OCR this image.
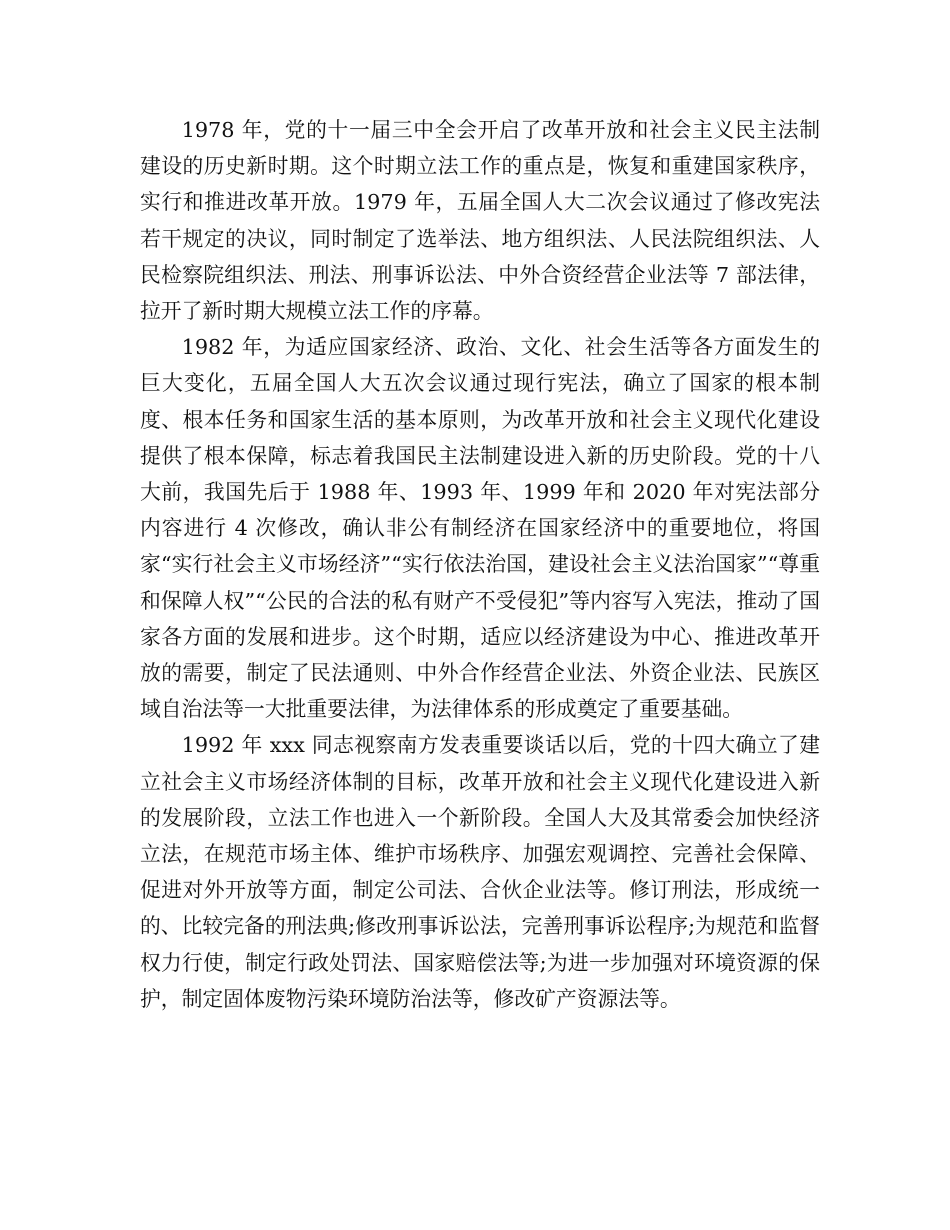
1978 年，党的十一届三中全会开启了改革开放和社会主义民主法制建设的历史新时期。这个时期立法工作的重点是，恢复和重建国家秩序，实行和推进改革开放。1979 年，五届全国人大二次会议通过了修改宪法若干规定的决议，同时制定了选举法、地方组织法、人民法院组织法、人民检察院组织法、刑法、刑事诉讼法、中外合资经营企业法等 7 部法律，拉开了新时期大规模立法工作的序幕。

1982 年，为适应国家经济、政治、文化、社会生活等各方面发生的巨大变化，五届全国人大五次会议通过现行宪法，确立了国家的根本制度、根本任务和国家生活的基本原则，为改革开放和社会主义现代化建设提供了根本保障，标志着我国民主法制建设进入新的历史阶段。党的十八大前，我国先后于 1988 年、1993 年、1999 年和 2020 年对宪法部分内容进行 4 次修改，确认非公有制经济在国家经济中的重要地位，将国家“实行社会主义市场经济”“实行依法治国，建设社会主义法治国家”“尊重和保障人权”“公民的合法的私有财产不受侵犯”等内容写入宪法，推动了国家各方面的发展和进步。这个时期，适应以经济建设为中心、推进改革开放的需要，制定了民法通则、中外合作经营企业法、外资企业法、民族区域自治法等一大批重要法律，为法律体系的形成奠定了重要基础。

1992 年 xxx 同志视察南方发表重要谈话以后，党的十四大确立了建立社会主义市场经济体制的目标，改革开放和社会主义现代化建设进入新的发展阶段，立法工作也进入一个新阶段。全国人大及其常委会加快经济立法，在规范市场主体、维护市场秩序、加强宏观调控、完善社会保障、促进对外开放等方面，制定公司法、合伙企业法等。修订刑法，形成统一的、比较完备的刑法典;修改刑事诉讼法，完善刑事诉讼程序;为规范和监督权力行使，制定行政处罚法、国家赔偿法等;为进一步加强对环境资源的保护，制定固体废物污染环境防治法等，修改矿产资源法等。
